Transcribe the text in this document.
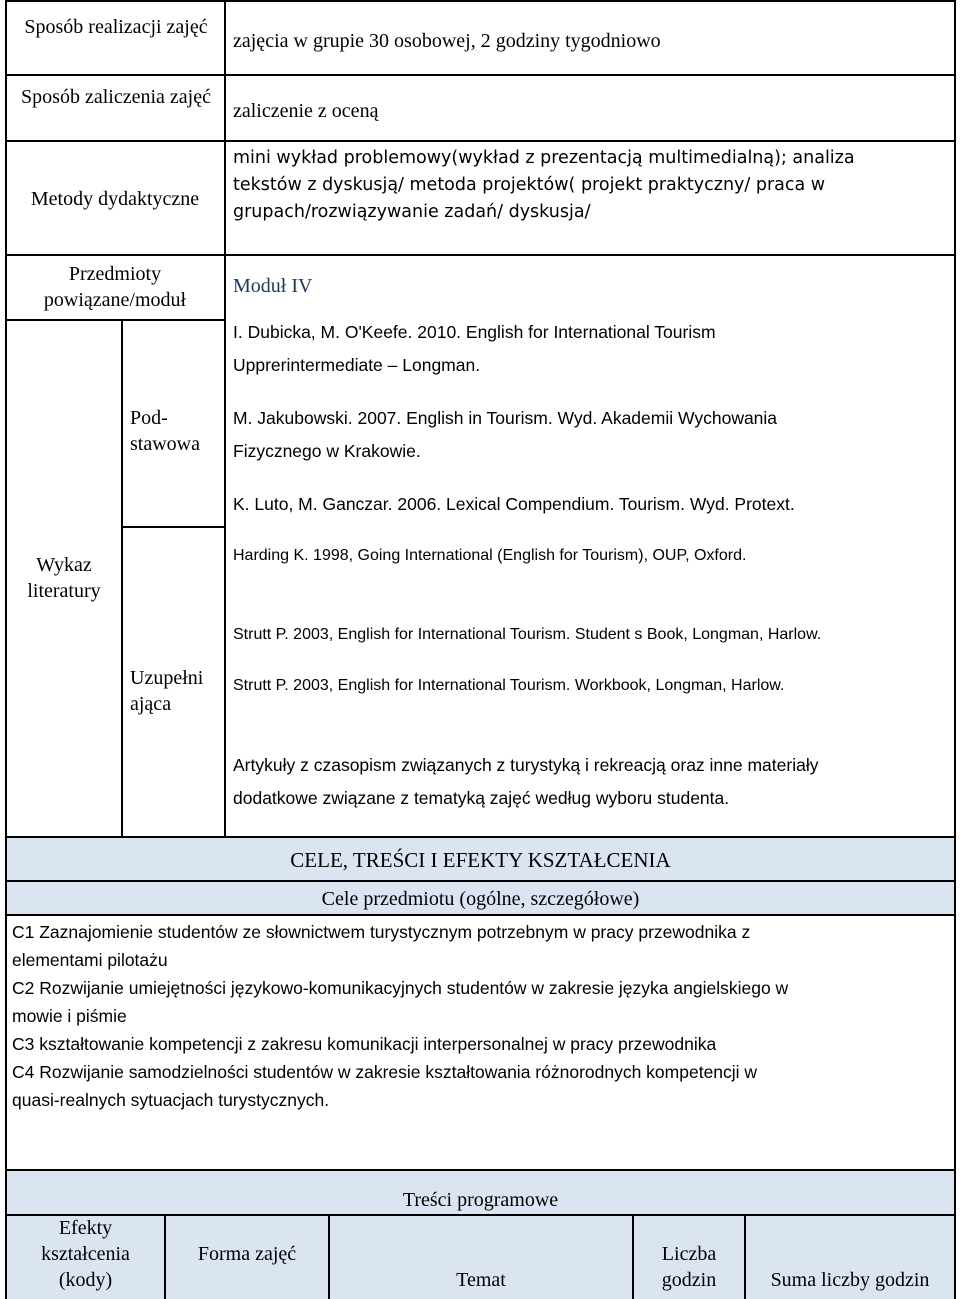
Sposób realizacji zajęć
zajęcia w grupie 30 osobowej, 2 godziny tygodniowo
Sposób zaliczenia zajęć
zaliczenie z oceną
Metody dydaktyczne
mini wykład problemowy(wykład z prezentacją multimedialną); analiza
tekstów z dyskusją/ metoda projektów( projekt praktyczny/ praca w
grupach/rozwiązywanie zadań/ dyskusja/
Przedmioty
powiązane/moduł
Moduł IV
Wykaz
literatury
Pod-
stawowa
Uzupełni
ająca
I. Dubicka, M. O'Keefe. 2010. English for International Tourism
Upprerintermediate – Longman.
M. Jakubowski. 2007. English in Tourism. Wyd. Akademii Wychowania
Fizycznego w Krakowie.
K. Luto, M. Ganczar. 2006. Lexical Compendium. Tourism. Wyd. Protext.
Harding K. 1998, Going International (English for Tourism), OUP, Oxford.
Strutt P. 2003, English for International Tourism. Student s Book, Longman, Harlow.
Strutt P. 2003, English for International Tourism. Workbook, Longman, Harlow.
Artykuły z czasopism związanych z turystyką i rekreacją oraz inne materiały
dodatkowe związane z tematyką zajęć według wyboru studenta.
CELE, TREŚCI I EFEKTY KSZTAŁCENIA
Cele przedmiotu (ogólne, szczegółowe)
C1 Zaznajomienie studentów ze słownictwem turystycznym potrzebnym w pracy przewodnika z
elementami pilotażu
C2 Rozwijanie umiejętności językowo-komunikacyjnych studentów w zakresie języka angielskiego w
mowie i piśmie
C3 kształtowanie kompetencji z zakresu komunikacji interpersonalnej w pracy przewodnika
C4 Rozwijanie samodzielności studentów w zakresie kształtowania różnorodnych kompetencji w
quasi-realnych sytuacjach turystycznych.
Treści programowe
Efekty
kształcenia
(kody)
Forma zajęć
Temat
Liczba
godzin	Suma liczby godzin
